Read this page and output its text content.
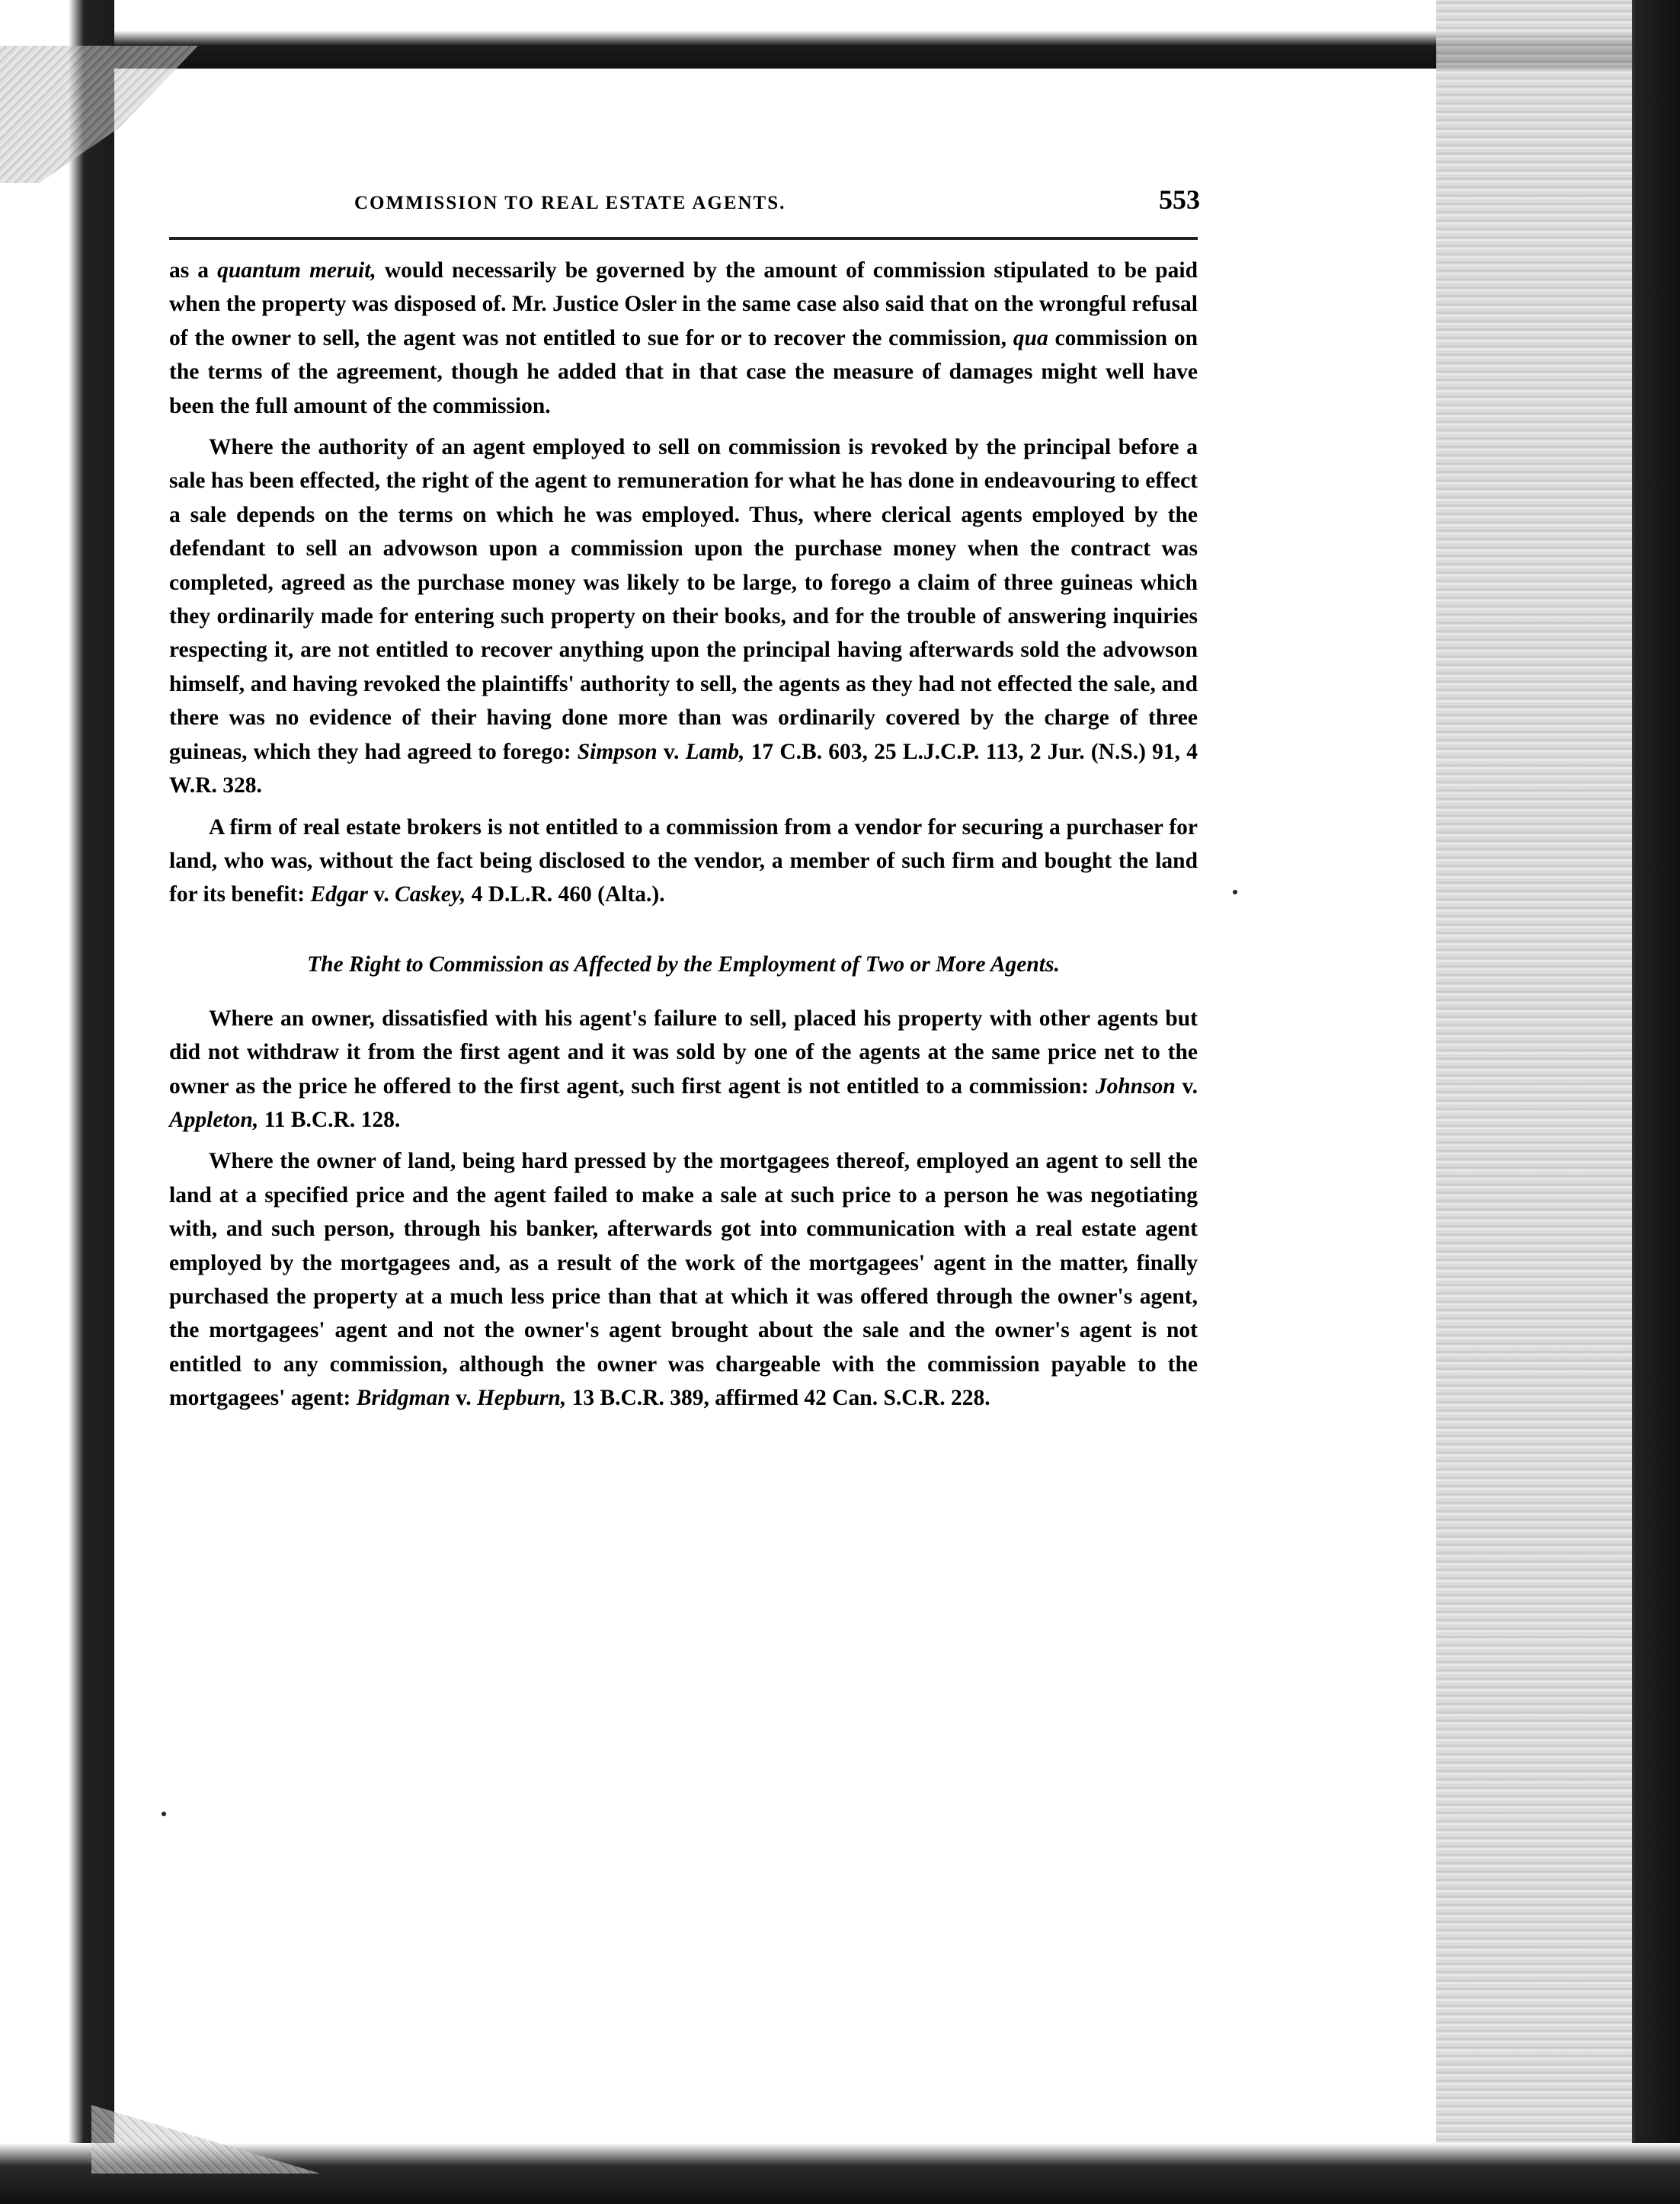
COMMISSION TO REAL ESTATE AGENTS.	553

as a quantum meruit, would necessarily be governed by the amount of commission stipulated to be paid when the property was disposed of. Mr. Justice Osler in the same case also said that on the wrongful refusal of the owner to sell, the agent was not entitled to sue for or to recover the commission, qua commission on the terms of the agreement, though he added that in that case the measure of damages might well have been the full amount of the commission.

Where the authority of an agent employed to sell on commission is revoked by the principal before a sale has been effected, the right of the agent to remuneration for what he has done in endeavouring to effect a sale depends on the terms on which he was employed. Thus, where clerical agents employed by the defendant to sell an advowson upon a commission upon the purchase money when the contract was completed, agreed as the purchase money was likely to be large, to forego a claim of three guineas which they ordinarily made for entering such property on their books, and for the trouble of answering inquiries respecting it, are not entitled to recover anything upon the principal having afterwards sold the advowson himself, and having revoked the plaintiffs' authority to sell, the agents as they had not effected the sale, and there was no evidence of their having done more than was ordinarily covered by the charge of three guineas, which they had agreed to forego: Simpson v. Lamb, 17 C.B. 603, 25 L.J.C.P. 113, 2 Jur. (N.S.) 91, 4 W.R. 328.

A firm of real estate brokers is not entitled to a commission from a vendor for securing a purchaser for land, who was, without the fact being disclosed to the vendor, a member of such firm and bought the land for its benefit: Edgar v. Caskey, 4 D.L.R. 460 (Alta.).

The Right to Commission as Affected by the Employment of Two or More Agents.

Where an owner, dissatisfied with his agent's failure to sell, placed his property with other agents but did not withdraw it from the first agent and it was sold by one of the agents at the same price net to the owner as the price he offered to the first agent, such first agent is not entitled to a commission: Johnson v. Appleton, 11 B.C.R. 128.

Where the owner of land, being hard pressed by the mortgagees thereof, employed an agent to sell the land at a specified price and the agent failed to make a sale at such price to a person he was negotiating with, and such person, through his banker, afterwards got into communication with a real estate agent employed by the mortgagees and, as a result of the work of the mortgagees' agent in the matter, finally purchased the property at a much less price than that at which it was offered through the owner's agent, the mortgagees' agent and not the owner's agent brought about the sale and the owner's agent is not entitled to any commission, although the owner was chargeable with the commission payable to the mortgagees' agent: Bridgman v. Hepburn, 13 B.C.R. 389, affirmed 42 Can. S.C.R. 228.
